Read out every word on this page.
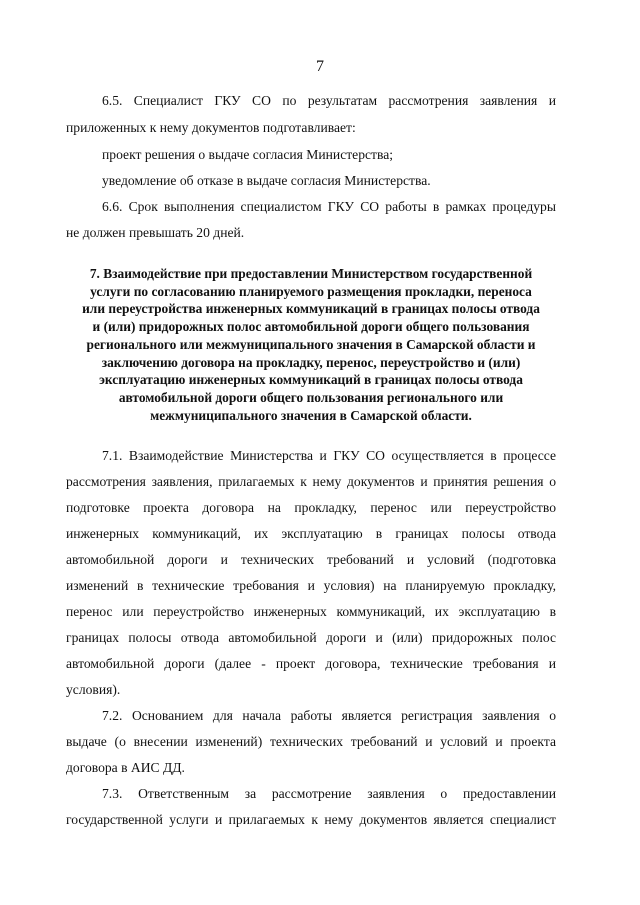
7
6.5. Специалист ГКУ СО по результатам рассмотрения заявления и
приложенных к нему документов подготавливает:
проект решения о выдаче согласия Министерства;
уведомление об отказе в выдаче согласия Министерства.
6.6. Срок выполнения специалистом ГКУ СО работы в рамках процедуры
не должен превышать 20 дней.
7. Взаимодействие при предоставлении Министерством государственной
услуги по согласованию планируемого размещения прокладки, переноса
или переустройства инженерных коммуникаций в границах полосы отвода
и (или) придорожных полос автомобильной дороги общего пользования
регионального или межмуниципального значения в Самарской области и
заключению договора на прокладку, перенос, переустройство и (или)
эксплуатацию инженерных коммуникаций в границах полосы отвода
автомобильной дороги общего пользования регионального или
межмуниципального значения в Самарской области.
7.1. Взаимодействие Министерства и ГКУ СО осуществляется в процессе
рассмотрения заявления, прилагаемых к нему документов и принятия решения о
подготовке проекта договора на прокладку, перенос или переустройство
инженерных коммуникаций, их эксплуатацию в границах полосы отвода
автомобильной дороги и технических требований и условий (подготовка
изменений в технические требования и условия) на планируемую прокладку,
перенос или переустройство инженерных коммуникаций, их эксплуатацию в
границах полосы отвода автомобильной дороги и (или) придорожных полос
автомобильной дороги (далее - проект договора, технические требования и
условия).
7.2. Основанием для начала работы является регистрация заявления о
выдаче (о внесении изменений) технических требований и условий и проекта
договора в АИС ДД.
7.3. Ответственным за рассмотрение заявления о предоставлении
государственной услуги и прилагаемых к нему документов является специалист
